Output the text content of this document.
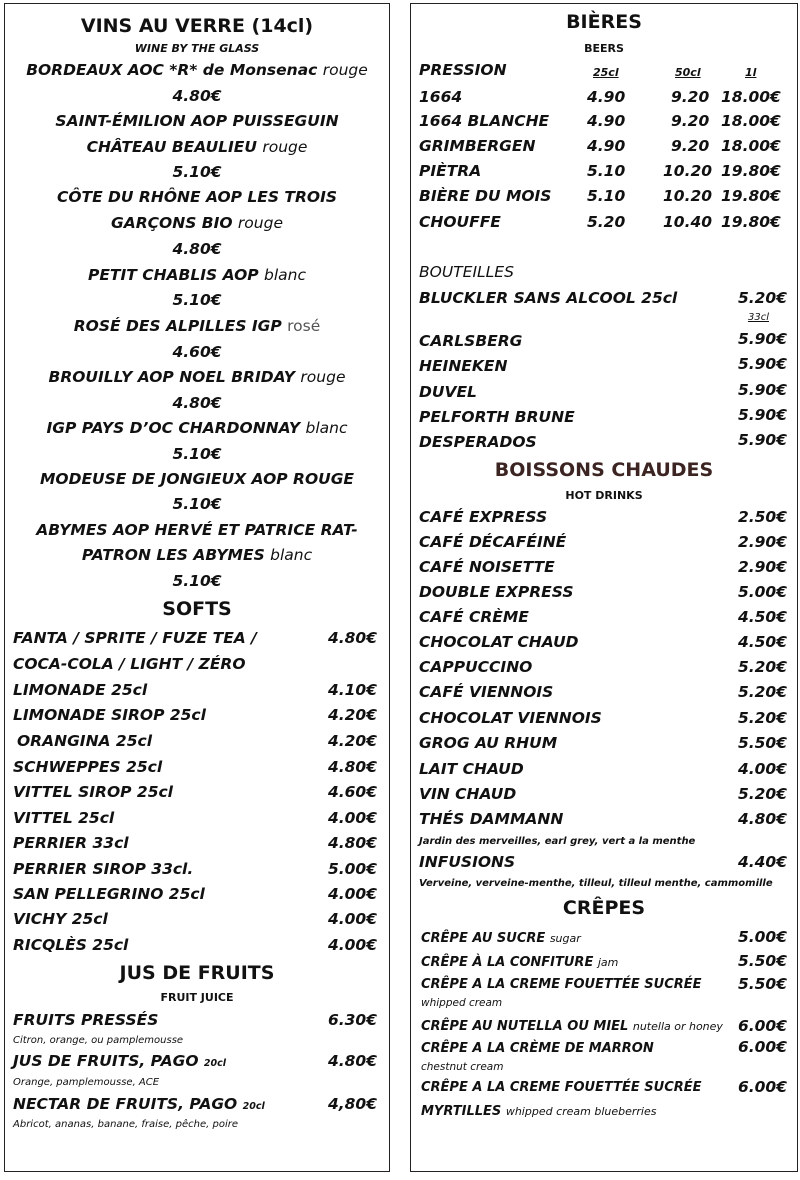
VINS AU VERRE (14cl)
WINE BY THE GLASS
BORDEAUX AOC *R* de Monsenac rouge
4.80€
SAINT-ÉMILION AOP PUISSEGUIN
CHÂTEAU BEAULIEU rouge
5.10€
CÔTE DU RHÔNE AOP LES TROIS
GARÇONS BIO rouge
4.80€
PETIT CHABLIS AOP blanc
5.10€
ROSÉ DES ALPILLES IGP rosé
4.60€
BROUILLY AOP NOEL BRIDAY rouge
4.80€
IGP PAYS D’OC CHARDONNAY blanc
5.10€
MODEUSE DE JONGIEUX AOP ROUGE
5.10€
ABYMES AOP HERVÉ ET PATRICE RAT-
PATRON LES ABYMES blanc
5.10€
SOFTS
FANTA / SPRITE / FUZE TEA /
COCA-COLA / LIGHT / ZÉRO
4.80€
LIMONADE 25cl	4.10€
LIMONADE SIROP 25cl	4.20€
ORANGINA 25cl	4.20€
SCHWEPPES 25cl	4.80€
VITTEL SIROP 25cl	4.60€
VITTEL 25cl	4.00€
PERRIER 33cl	4.80€
PERRIER SIROP 33cl.	5.00€
SAN PELLEGRINO 25cl	4.00€
VICHY 25cl	4.00€
RICQLÈS 25cl	4.00€
JUS DE FRUITS
FRUIT JUICE
FRUITS PRESSÉS	6.30€
Citron, orange, ou pamplemousse
JUS DE FRUITS, PAGO 20cl	4.80€
Orange, pamplemousse, ACE
NECTAR DE FRUITS, PAGO 20cl	4,80€
Abricot, ananas, banane, fraise, pêche, poire
BIÈRES
BEERS
PRESSION	25cl	50cl	1l
1664	4.90	9.20 18.00€
1664 BLANCHE 4.90	9.20 18.00€
GRIMBERGEN	4.90	9.20 18.00€
PIÈTRA	5.10 10.20 19.80€
BIÈRE DU MOIS 5.10 10.20 19.80€
CHOUFFE	5.20 10.40 19.80€
BOUTEILLES
BLUCKLER SANS ALCOOL 25cl	5.20€
33cl
CARLSBERG	5.90€
HEINEKEN	5.90€
DUVEL	5.90€
PELFORTH BRUNE	5.90€
DESPERADOS	5.90€
BOISSONS CHAUDES
HOT DRINKS
CAFÉ EXPRESS	2.50€
CAFÉ DÉCAFÉINÉ	2.90€
CAFÉ NOISETTE	2.90€
DOUBLE EXPRESS	5.00€
CAFÉ CRÈME	4.50€
CHOCOLAT CHAUD	4.50€
CAPPUCCINO	5.20€
CAFÉ VIENNOIS	5.20€
CHOCOLAT VIENNOIS	5.20€
GROG AU RHUM	5.50€
LAIT CHAUD	4.00€
VIN CHAUD	5.20€
THÉS DAMMANN	4.80€
Jardin des merveilles, earl grey, vert a la menthe
INFUSIONS	4.40€
Verveine, verveine-menthe, tilleul, tilleul menthe, cammomille
CRÊPES
CRÊPE AU SUCRE sugar	5.00€
CRÊPE À LA CONFITURE jam	5.50€
CRÊPE A LA CREME FOUETTÉE SUCRÉE 5.50€
whipped cream
CRÊPE AU NUTELLA OU MIEL nutella or honey 6.00€
CRÊPE A LA CRÈME DE MARRON	6.00€
chestnut cream
CRÊPE A LA CREME FOUETTÉE SUCRÉE 6.00€
MYRTILLES whipped cream blueberries
